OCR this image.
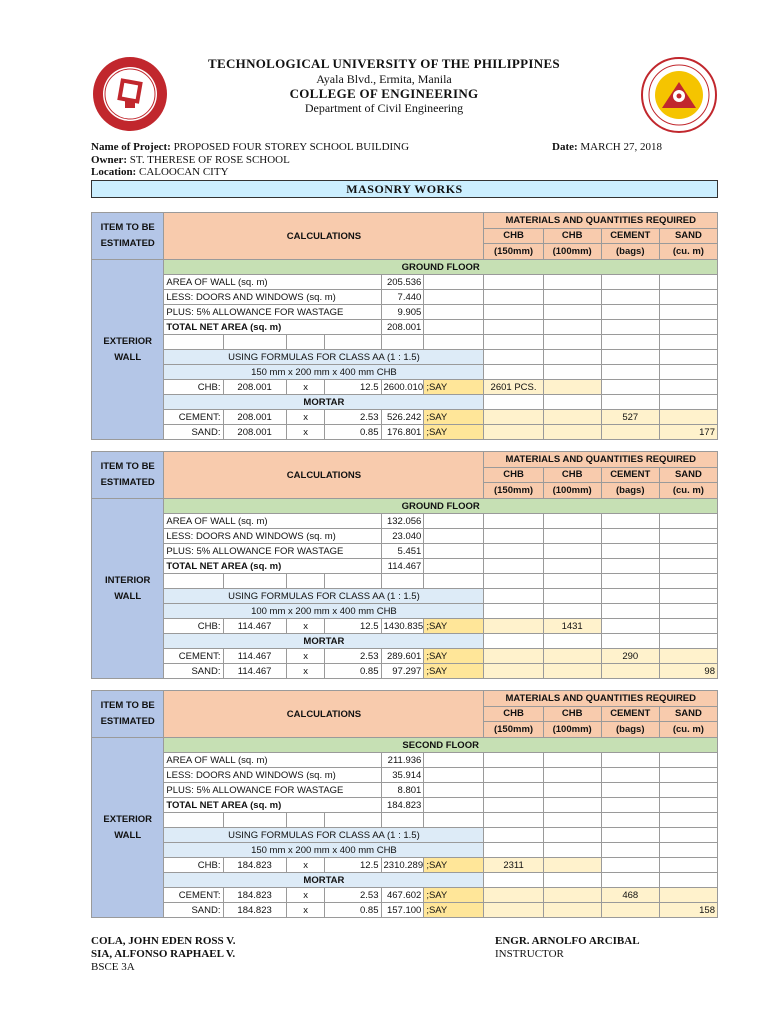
TECHNOLOGICAL UNIVERSITY OF THE PHILIPPINES
Ayala Blvd., Ermita, Manila
COLLEGE OF ENGINEERING
Department of Civil Engineering
Name of Project: PROPOSED FOUR STOREY SCHOOL BUILDING	Date: MARCH 27, 2018
Owner: ST. THERESE OF ROSE SCHOOL
Location: CALOOCAN CITY
MASONRY WORKS
ITEM TO BE
ESTIMATED	CALCULATIONS						MATERIALS AND QUANTITIES REQUIRED			
							CHB	CHB	CEMENT	SAND
							(150mm)	(100mm)	(bags)	(cu. m)
EXTERIOR
WALL	GROUND FLOOR									
	AREA OF WALL (sq. m)				205.536					
	LESS: DOORS AND WINDOWS (sq. m)				7.440					
	PLUS: 5% ALLOWANCE FOR WASTAGE				9.905					
	TOTAL NET AREA (sq. m)				208.001					

	USING FORMULAS FOR CLASS AA (1 : 1.5)									
	150 mm x 200 mm x 400 mm CHB									
	CHB:	208.001	x	12.5	2600.010	;SAY	2601 PCS.			
	MORTAR									
	CEMENT:	208.001	x	2.53	526.242	;SAY			527	
	SAND:	208.001	x	0.85	176.801	;SAY				177
ITEM TO BE
ESTIMATED	CALCULATIONS						MATERIALS AND QUANTITIES REQUIRED			
							CHB	CHB	CEMENT	SAND
							(150mm)	(100mm)	(bags)	(cu. m)
INTERIOR
WALL	GROUND FLOOR									
	AREA OF WALL (sq. m)				132.056					
	LESS: DOORS AND WINDOWS (sq. m)				23.040					
	PLUS: 5% ALLOWANCE FOR WASTAGE				5.451					
	TOTAL NET AREA (sq. m)				114.467					

	USING FORMULAS FOR CLASS AA (1 : 1.5)									
	100 mm x 200 mm x 400 mm CHB									
	CHB:	114.467	x	12.5	1430.835	;SAY		1431		
	MORTAR									
	CEMENT:	114.467	x	2.53	289.601	;SAY			290	
	SAND:	114.467	x	0.85	97.297	;SAY				98
ITEM TO BE
ESTIMATED	CALCULATIONS						MATERIALS AND QUANTITIES REQUIRED			
							CHB	CHB	CEMENT	SAND
							(150mm)	(100mm)	(bags)	(cu. m)
EXTERIOR
WALL	SECOND FLOOR									
	AREA OF WALL (sq. m)				211.936					
	LESS: DOORS AND WINDOWS (sq. m)				35.914					
	PLUS: 5% ALLOWANCE FOR WASTAGE				8.801					
	TOTAL NET AREA (sq. m)				184.823					

	USING FORMULAS FOR CLASS AA (1 : 1.5)									
	150 mm x 200 mm x 400 mm CHB									
	CHB:	184.823	x	12.5	2310.289	;SAY	2311			
	MORTAR									
	CEMENT:	184.823	x	2.53	467.602	;SAY			468	
	SAND:	184.823	x	0.85	157.100	;SAY				158
COLA, JOHN EDEN ROSS V.
SIA, ALFONSO RAPHAEL V.
BSCE 3A
ENGR. ARNOLFO ARCIBAL
INSTRUCTOR
